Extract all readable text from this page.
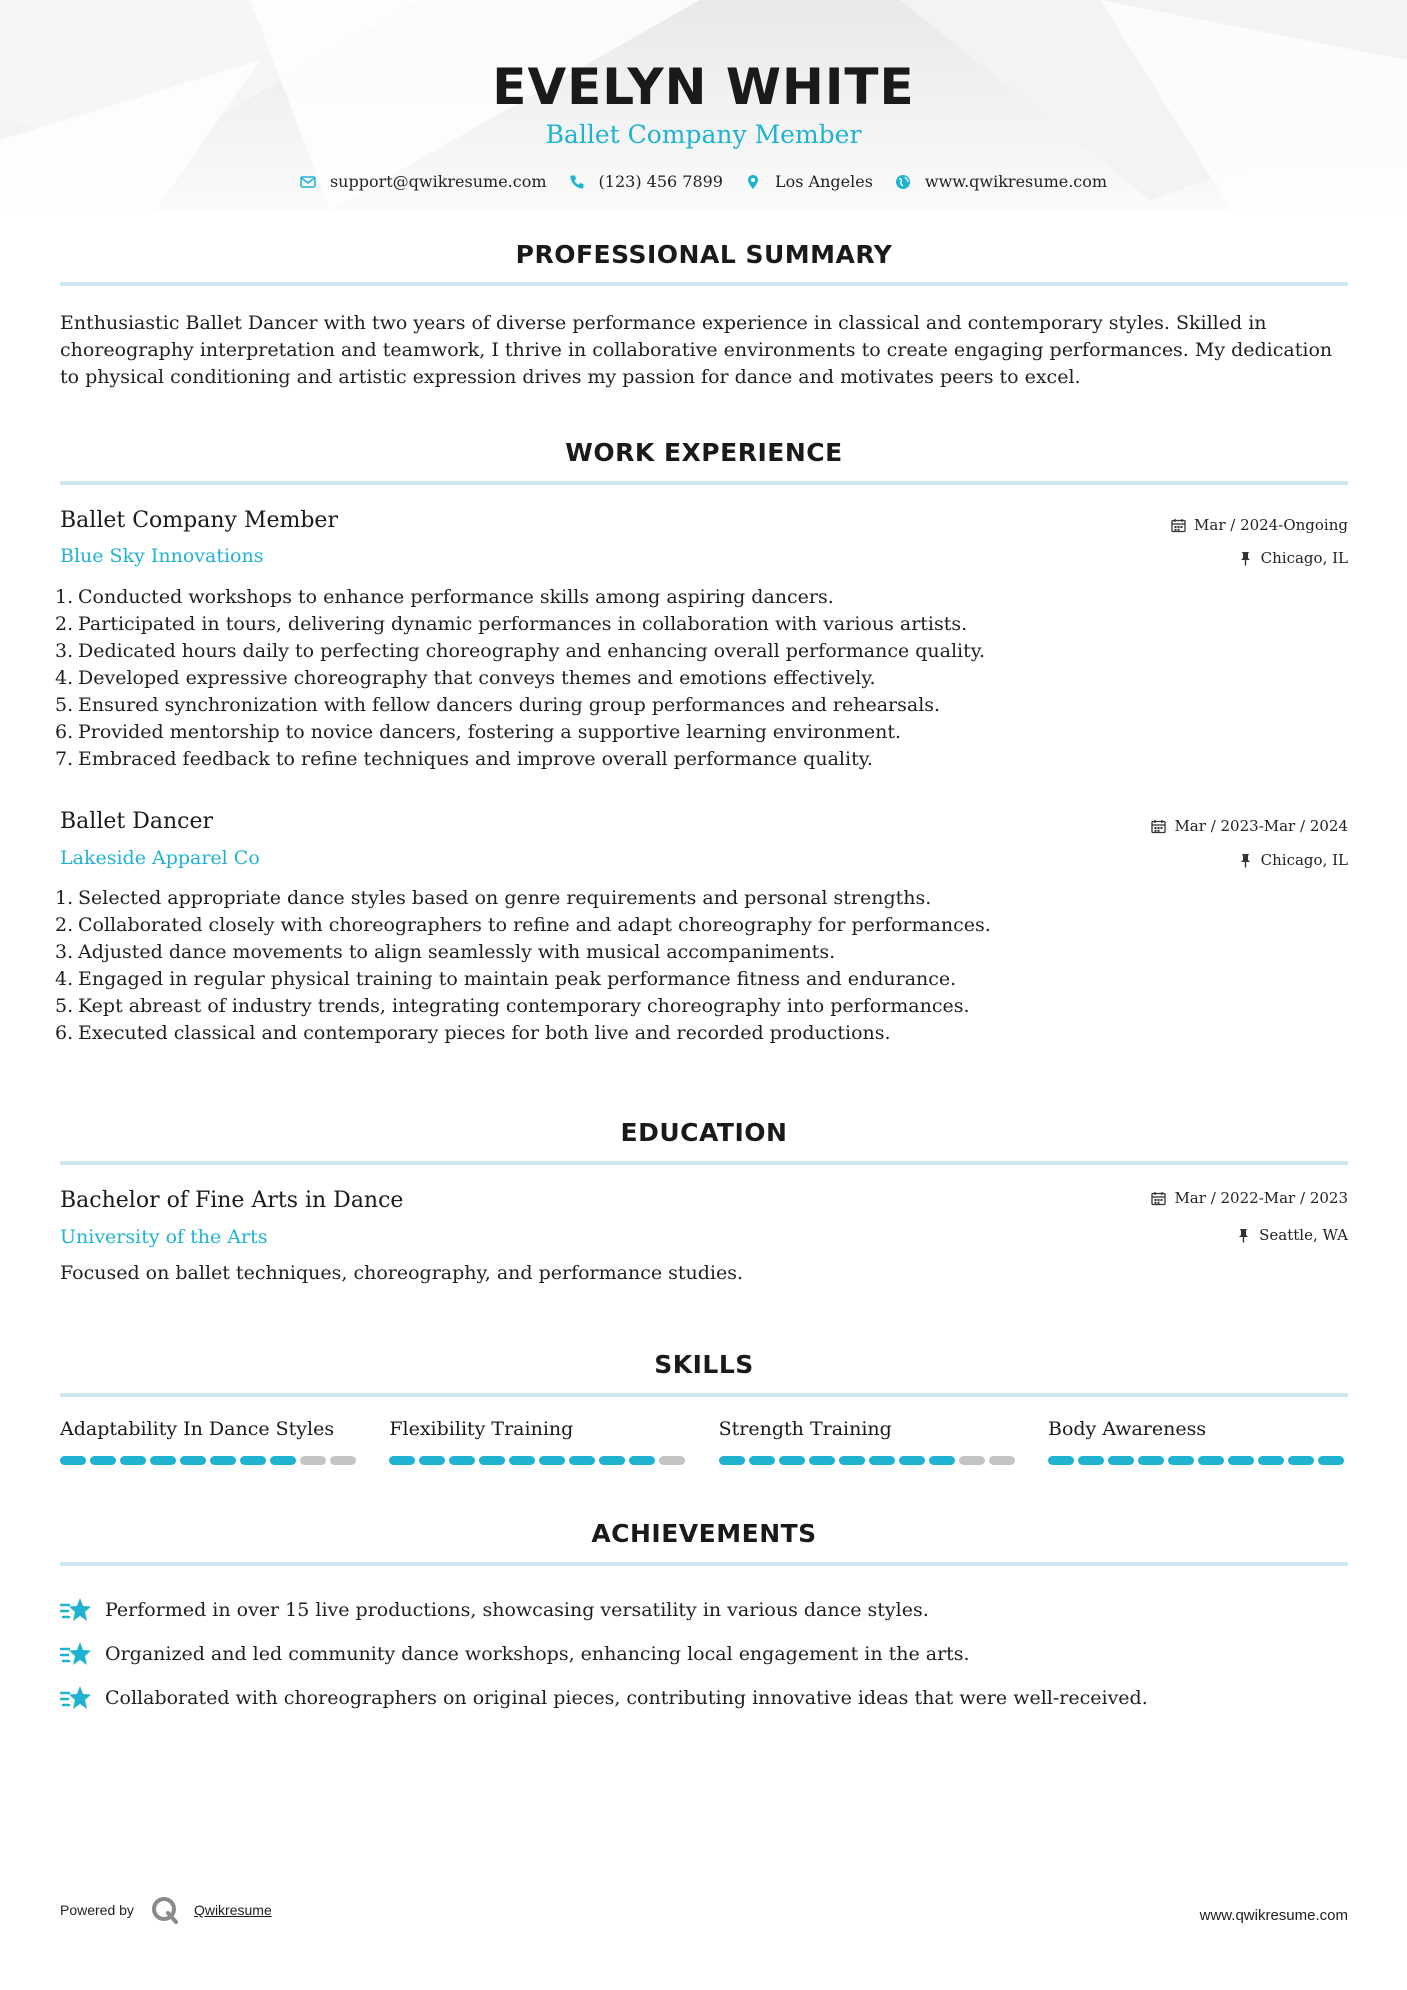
EVELYN WHITE
Ballet Company Member
support@qwikresume.com	(123) 456 7899	Los Angeles	www.qwikresume.com
PROFESSIONAL SUMMARY

Enthusiastic Ballet Dancer with two years of diverse performance experience in classical and contemporary styles. Skilled in choreography interpretation and teamwork, I thrive in collaborative environments to create engaging performances. My dedication to physical conditioning and artistic expression drives my passion for dance and motivates peers to excel.

WORK EXPERIENCE
Ballet Company Member
Blue Sky Innovations
Mar / 2024-Ongoing
Chicago, IL
1. Conducted workshops to enhance performance skills among aspiring dancers.
2. Participated in tours, delivering dynamic performances in collaboration with various artists.
3. Dedicated hours daily to perfecting choreography and enhancing overall performance quality.
4. Developed expressive choreography that conveys themes and emotions effectively.
5. Ensured synchronization with fellow dancers during group performances and rehearsals.
6. Provided mentorship to novice dancers, fostering a supportive learning environment.
7. Embraced feedback to refine techniques and improve overall performance quality.
Ballet Dancer
Lakeside Apparel Co
Mar / 2023-Mar / 2024
Chicago, IL
1. Selected appropriate dance styles based on genre requirements and personal strengths.
2. Collaborated closely with choreographers to refine and adapt choreography for performances.
3. Adjusted dance movements to align seamlessly with musical accompaniments.
4. Engaged in regular physical training to maintain peak performance fitness and endurance.
5. Kept abreast of industry trends, integrating contemporary choreography into performances.
6. Executed classical and contemporary pieces for both live and recorded productions.
EDUCATION
Bachelor of Fine Arts in Dance
University of the Arts
Mar / 2022-Mar / 2023
Seattle, WA

Focused on ballet techniques, choreography, and performance studies.

SKILLS
Adaptability In Dance Styles	Flexibility Training	Strength Training	Body Awareness
ACHIEVEMENTS
Performed in over 15 live productions, showcasing versatility in various dance styles.
Organized and led community dance workshops, enhancing local engagement in the arts.
Collaborated with choreographers on original pieces, contributing innovative ideas that were well-received.
Powered by	Qwikresume	www.qwikresume.com
